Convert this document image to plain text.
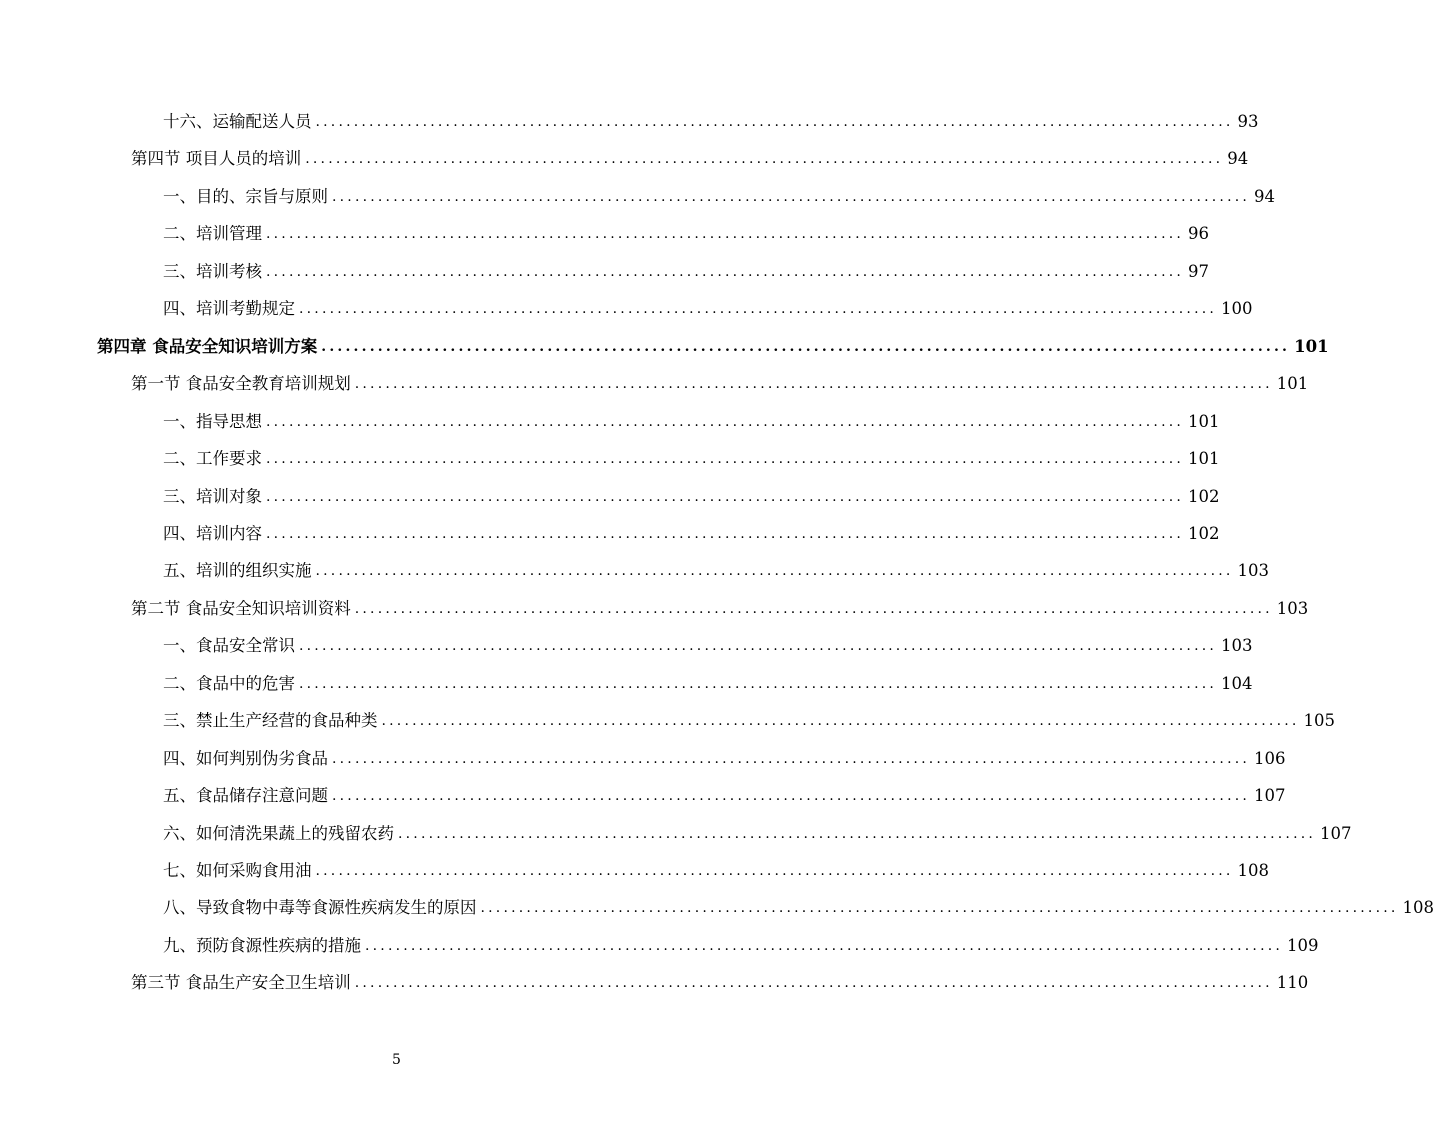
十六、运输配送人员 ........................................................................................................................ 93
第四节 项目人员的培训 ........................................................................................................................ 94
一、目的、宗旨与原则 ........................................................................................................................ 94
二、培训管理 ........................................................................................................................ 96
三、培训考核 ........................................................................................................................ 97
四、培训考勤规定 ........................................................................................................................ 100
第四章 食品安全知识培训方案 ........................................................................................................................ 101
第一节 食品安全教育培训规划 ........................................................................................................................ 101
一、指导思想 ........................................................................................................................ 101
二、工作要求 ........................................................................................................................ 101
三、培训对象 ........................................................................................................................ 102
四、培训内容 ........................................................................................................................ 102
五、培训的组织实施 ........................................................................................................................ 103
第二节 食品安全知识培训资料 ........................................................................................................................ 103
一、食品安全常识 ........................................................................................................................ 103
二、食品中的危害 ........................................................................................................................ 104
三、禁止生产经营的食品种类 ........................................................................................................................ 105
四、如何判别伪劣食品 ........................................................................................................................ 106
五、食品储存注意问题 ........................................................................................................................ 107
六、如何清洗果蔬上的残留农药 ........................................................................................................................ 107
七、如何采购食用油 ........................................................................................................................ 108
八、导致食物中毒等食源性疾病发生的原因 ........................................................................................................................ 108
九、预防食源性疾病的措施 ........................................................................................................................ 109
第三节 食品生产安全卫生培训 ........................................................................................................................ 110
5
